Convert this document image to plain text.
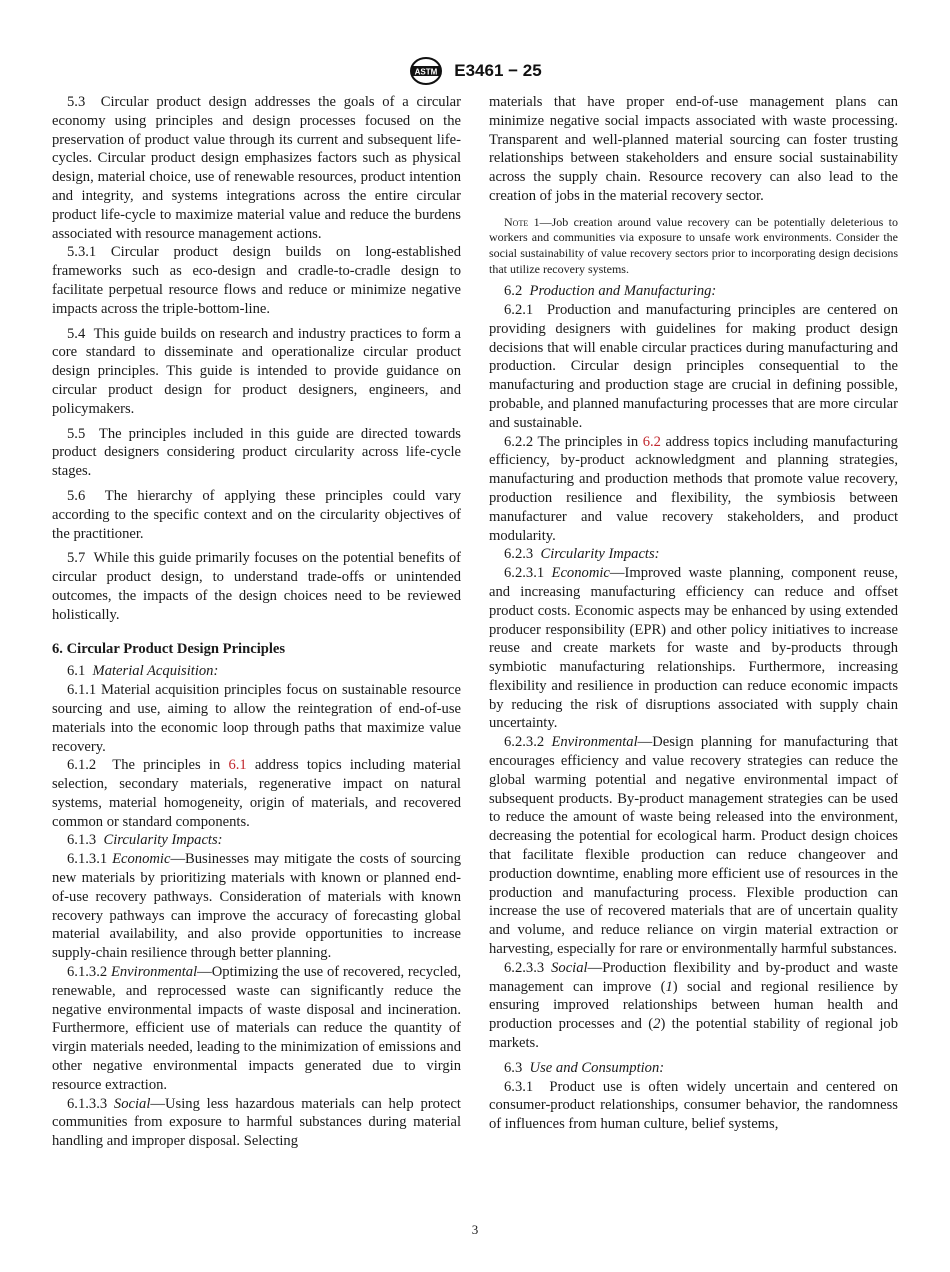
ASTM E3461 − 25

5.3 Circular product design addresses the goals of a circular economy using principles and design processes focused on the preservation of product value through its current and subsequent life-cycles. Circular product design emphasizes factors such as physical design, material choice, use of renewable resources, product intention and integrity, and systems integrations across the entire circular product life-cycle to maximize material value and reduce the burdens associated with resource management actions.

5.3.1 Circular product design builds on long-established frameworks such as eco-design and cradle-to-cradle design to facilitate perpetual resource flows and reduce or minimize negative impacts across the triple-bottom-line.

5.4 This guide builds on research and industry practices to form a core standard to disseminate and operationalize circular product design principles. This guide is intended to provide guidance on circular product design for product designers, engineers, and policymakers.

5.5 The principles included in this guide are directed towards product designers considering product circularity across life-cycle stages.

5.6 The hierarchy of applying these principles could vary according to the specific context and on the circularity objectives of the practitioner.

5.7 While this guide primarily focuses on the potential benefits of circular product design, to understand trade-offs or unintended outcomes, the impacts of the design choices need to be reviewed holistically.

6. Circular Product Design Principles

6.1 Material Acquisition:

6.1.1 Material acquisition principles focus on sustainable resource sourcing and use, aiming to allow the reintegration of end-of-use materials into the economic loop through paths that maximize value recovery.

6.1.2 The principles in 6.1 address topics including material selection, secondary materials, regenerative impact on natural systems, material homogeneity, origin of materials, and recovered common or standard components.

6.1.3 Circularity Impacts:

6.1.3.1 Economic—Businesses may mitigate the costs of sourcing new materials by prioritizing materials with known or planned end-of-use recovery pathways. Consideration of materials with known recovery pathways can improve the accuracy of forecasting global material availability, and also provide opportunities to increase supply-chain resilience through better planning.

6.1.3.2 Environmental—Optimizing the use of recovered, recycled, renewable, and reprocessed waste can significantly reduce the negative environmental impacts of waste disposal and incineration. Furthermore, efficient use of materials can reduce the quantity of virgin materials needed, leading to the minimization of emissions and other negative environmental impacts generated due to virgin resource extraction.

6.1.3.3 Social—Using less hazardous materials can help protect communities from exposure to harmful substances during material handling and improper disposal. Selecting

materials that have proper end-of-use management plans can minimize negative social impacts associated with waste processing. Transparent and well-planned material sourcing can foster trusting relationships between stakeholders and ensure social sustainability across the supply chain. Resource recovery can also lead to the creation of jobs in the material recovery sector.

Note 1—Job creation around value recovery can be potentially deleterious to workers and communities via exposure to unsafe work environments. Consider the social sustainability of value recovery sectors prior to incorporating design decisions that utilize recovery systems.

6.2 Production and Manufacturing:

6.2.1 Production and manufacturing principles are centered on providing designers with guidelines for making product design decisions that will enable circular practices during manufacturing and production. Circular design principles consequential to the manufacturing and production stage are crucial in defining possible, probable, and planned manufacturing processes that are more circular and sustainable.

6.2.2 The principles in 6.2 address topics including manufacturing efficiency, by-product acknowledgment and planning strategies, manufacturing and production methods that promote value recovery, production resilience and flexibility, the symbiosis between manufacturer and value recovery stakeholders, and product modularity.

6.2.3 Circularity Impacts:

6.2.3.1 Economic—Improved waste planning, component reuse, and increasing manufacturing efficiency can reduce and offset product costs. Economic aspects may be enhanced by using extended producer responsibility (EPR) and other policy initiatives to increase reuse and create markets for waste and by-products through symbiotic manufacturing relationships. Furthermore, increasing flexibility and resilience in production can reduce economic impacts by reducing the risk of disruptions associated with supply chain uncertainty.

6.2.3.2 Environmental—Design planning for manufacturing that encourages efficiency and value recovery strategies can reduce the global warming potential and negative environmental impact of subsequent products. By-product management strategies can be used to reduce the amount of waste being released into the environment, decreasing the potential for ecological harm. Product design choices that facilitate flexible production can reduce changeover and production downtime, enabling more efficient use of resources in the production and manufacturing process. Flexible production can increase the use of recovered materials that are of uncertain quality and volume, and reduce reliance on virgin material extraction or harvesting, especially for rare or environmentally harmful substances.

6.2.3.3 Social—Production flexibility and by-product and waste management can improve (1) social and regional resilience by ensuring improved relationships between human health and production processes and (2) the potential stability of regional job markets.

6.3 Use and Consumption:

6.3.1 Product use is often widely uncertain and centered on consumer-product relationships, consumer behavior, the randomness of influences from human culture, belief systems,

3
